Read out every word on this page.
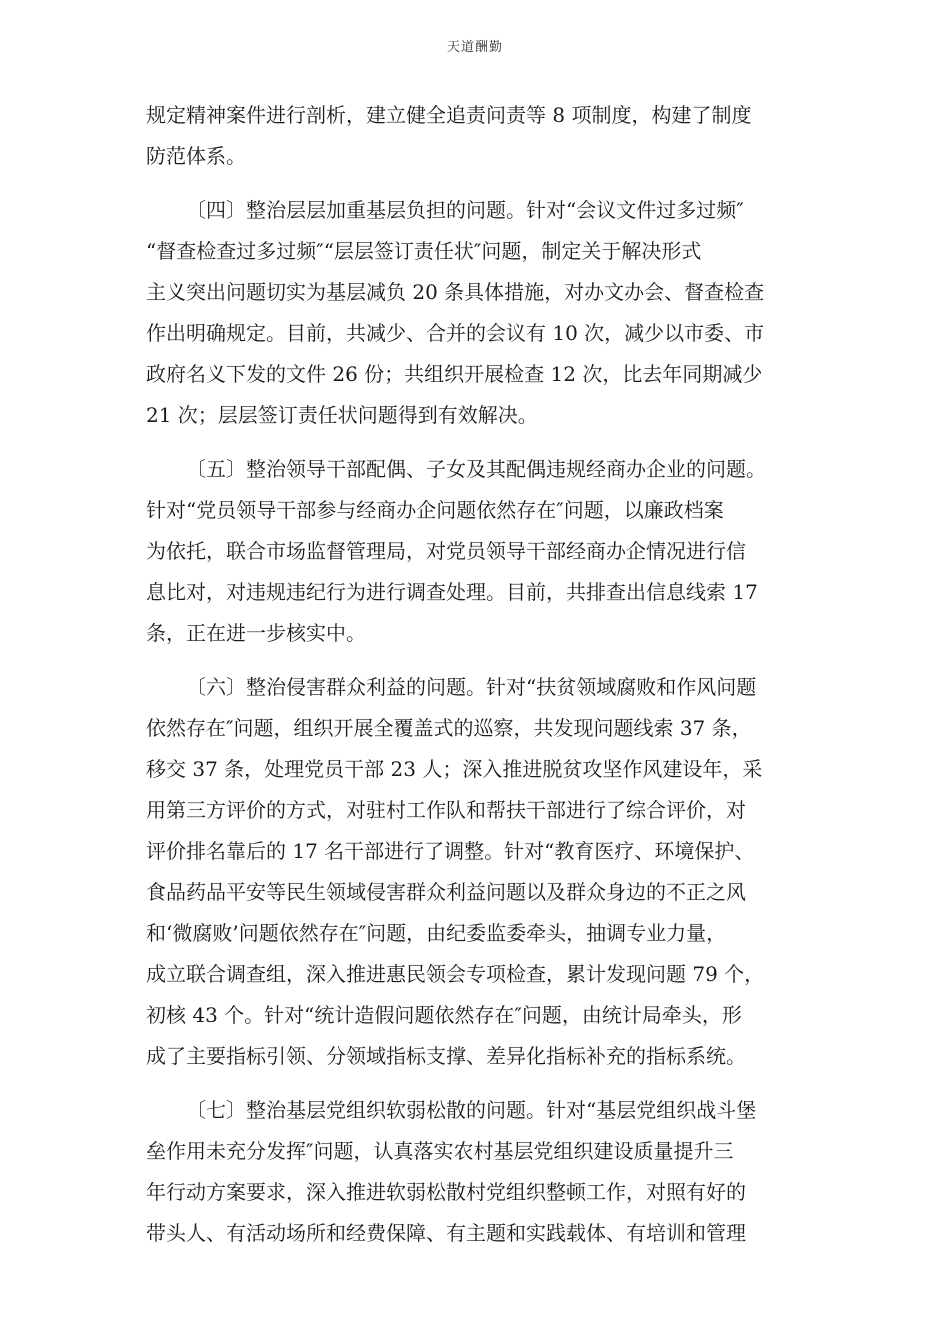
天道酬勤
规定精神案件进行剖析，建立健全追责问责等 8 项制度，构建了制度
防范体系。
〔四〕整治层层加重基层负担的问题。针对“会议文件过多过频″
“督查检查过多过频″“层层签订责任状″问题，制定关于解决形式
主义突出问题切实为基层减负 20 条具体措施，对办文办会、督查检查
作出明确规定。目前，共减少、合并的会议有 10 次，减少以市委、市
政府名义下发的文件 26 份；共组织开展检查 12 次，比去年同期减少
21 次；层层签订责任状问题得到有效解决。
〔五〕整治领导干部配偶、子女及其配偶违规经商办企业的问题。
针对“党员领导干部参与经商办企问题依然存在″问题，以廉政档案
为依托，联合市场监督管理局，对党员领导干部经商办企情况进行信
息比对，对违规违纪行为进行调查处理。目前，共排查出信息线索 17
条，正在进一步核实中。
〔六〕整治侵害群众利益的问题。针对“扶贫领域腐败和作风问题
依然存在″问题，组织开展全覆盖式的巡察，共发现问题线索 37 条，
移交 37 条，处理党员干部 23 人；深入推进脱贫攻坚作风建设年，采
用第三方评价的方式，对驻村工作队和帮扶干部进行了综合评价，对
评价排名靠后的 17 名干部进行了调整。针对“教育医疗、环境保护、
食品药品平安等民生领域侵害群众利益问题以及群众身边的不正之风
和‘微腐败’问题依然存在″问题，由纪委监委牵头，抽调专业力量，
成立联合调查组，深入推进惠民领会专项检查，累计发现问题 79 个，
初核 43 个。针对“统计造假问题依然存在″问题，由统计局牵头，形
成了主要指标引领、分领域指标支撑、差异化指标补充的指标系统。
〔七〕整治基层党组织软弱松散的问题。针对“基层党组织战斗堡
垒作用未充分发挥″问题，认真落实农村基层党组织建设质量提升三
年行动方案要求，深入推进软弱松散村党组织整顿工作，对照有好的
带头人、有活动场所和经费保障、有主题和实践载体、有培训和管理
